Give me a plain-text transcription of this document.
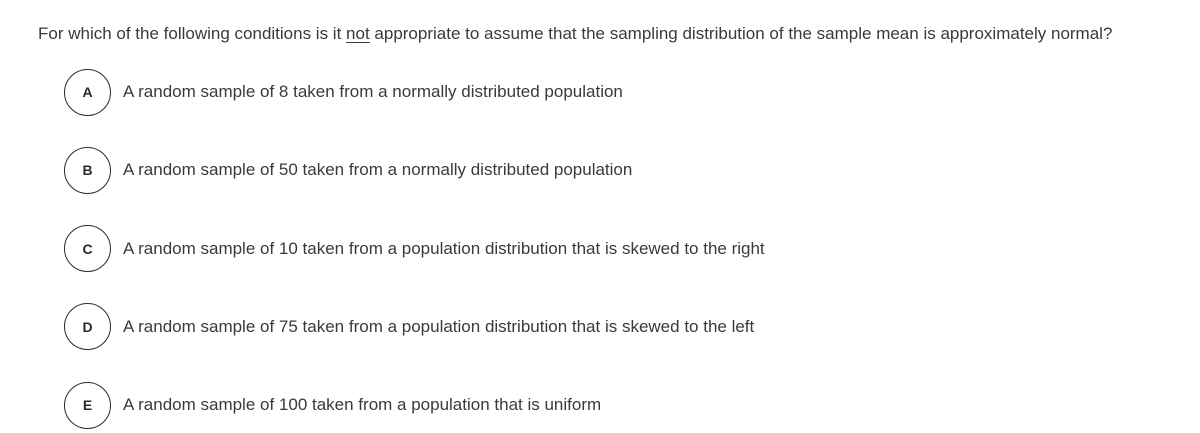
For which of the following conditions is it not appropriate to assume that the sampling distribution of the sample mean is approximately normal?
A	A random sample of 8 taken from a normally distributed population
B	A random sample of 50 taken from a normally distributed population
C	A random sample of 10 taken from a population distribution that is skewed to the right
D	A random sample of 75 taken from a population distribution that is skewed to the left
E	A random sample of 100 taken from a population that is uniform
